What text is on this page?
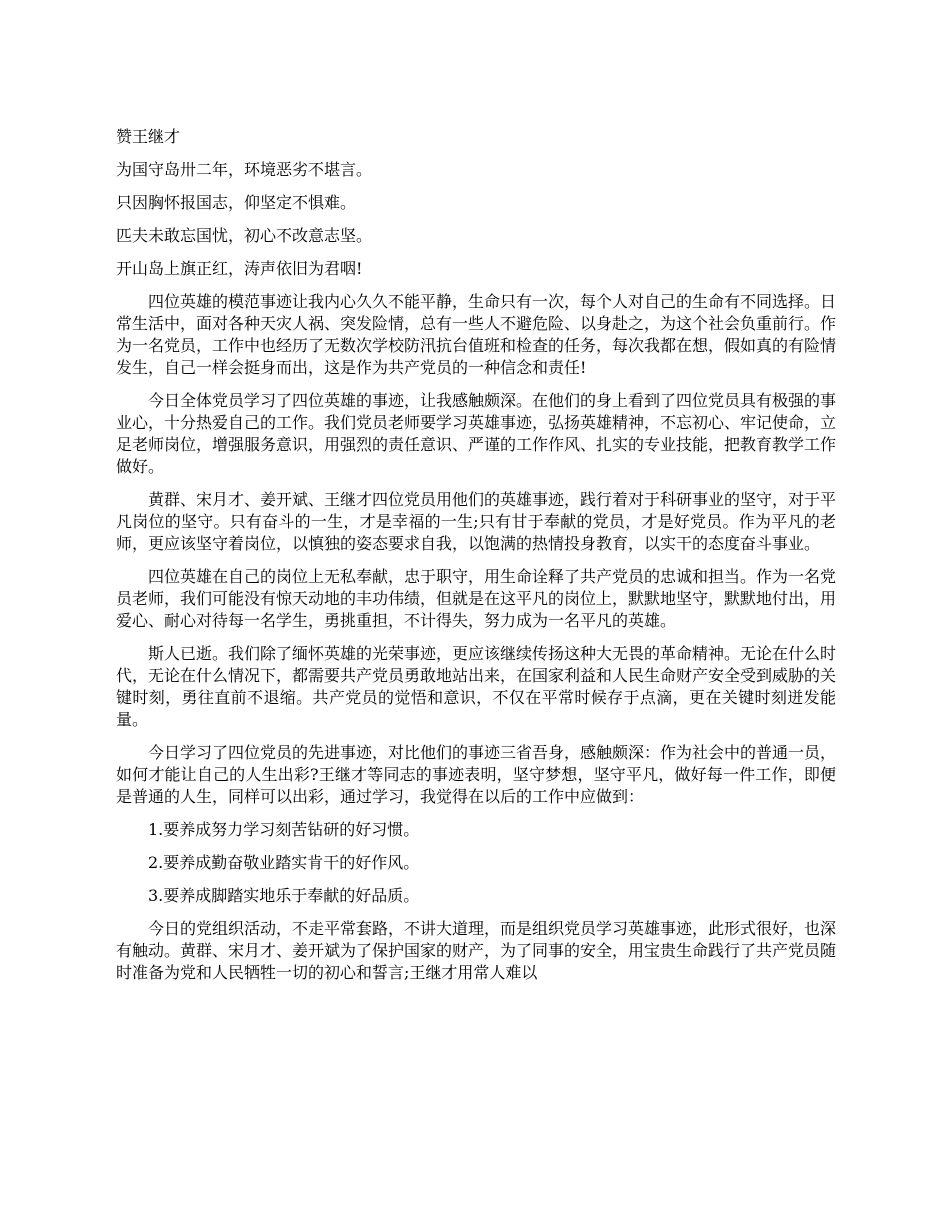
赞王继才

为国守岛卅二年，环境恶劣不堪言。

只因胸怀报国志，仰坚定不惧难。

匹夫未敢忘国忧，初心不改意志坚。

开山岛上旗正红，涛声依旧为君咽!

四位英雄的模范事迹让我内心久久不能平静，生命只有一次，每个人对自己的生命有不同选择。日常生活中，面对各种天灾人祸、突发险情，总有一些人不避危险、以身赴之，为这个社会负重前行。作为一名党员，工作中也经历了无数次学校防汛抗台值班和检查的任务，每次我都在想，假如真的有险情发生，自己一样会挺身而出，这是作为共产党员的一种信念和责任!

今日全体党员学习了四位英雄的事迹，让我感触颇深。在他们的身上看到了四位党员具有极强的事业心，十分热爱自己的工作。我们党员老师要学习英雄事迹，弘扬英雄精神，不忘初心、牢记使命，立足老师岗位，增强服务意识，用强烈的责任意识、严谨的工作作风、扎实的专业技能，把教育教学工作做好。

黄群、宋月才、姜开斌、王继才四位党员用他们的英雄事迹，践行着对于科研事业的坚守，对于平凡岗位的坚守。只有奋斗的一生，才是幸福的一生;只有甘于奉献的党员，才是好党员。作为平凡的老师，更应该坚守着岗位，以慎独的姿态要求自我，以饱满的热情投身教育，以实干的态度奋斗事业。

四位英雄在自己的岗位上无私奉献，忠于职守，用生命诠释了共产党员的忠诚和担当。作为一名党员老师，我们可能没有惊天动地的丰功伟绩，但就是在这平凡的岗位上，默默地坚守，默默地付出，用爱心、耐心对待每一名学生，勇挑重担，不计得失，努力成为一名平凡的英雄。

斯人已逝。我们除了缅怀英雄的光荣事迹，更应该继续传扬这种大无畏的革命精神。无论在什么时代，无论在什么情况下，都需要共产党员勇敢地站出来，在国家利益和人民生命财产安全受到威胁的关键时刻，勇往直前不退缩。共产党员的觉悟和意识，不仅在平常时候存于点滴，更在关键时刻迸发能量。

今日学习了四位党员的先进事迹，对比他们的事迹三省吾身，感触颇深：作为社会中的普通一员，如何才能让自己的人生出彩?王继才等同志的事迹表明，坚守梦想，坚守平凡，做好每一件工作，即便是普通的人生，同样可以出彩，通过学习，我觉得在以后的工作中应做到：

1.要养成努力学习刻苦钻研的好习惯。

2.要养成勤奋敬业踏实肯干的好作风。

3.要养成脚踏实地乐于奉献的好品质。

今日的党组织活动，不走平常套路，不讲大道理，而是组织党员学习英雄事迹，此形式很好，也深有触动。黄群、宋月才、姜开斌为了保护国家的财产，为了同事的安全，用宝贵生命践行了共产党员随时准备为党和人民牺牲一切的初心和誓言;王继才用常人难以
